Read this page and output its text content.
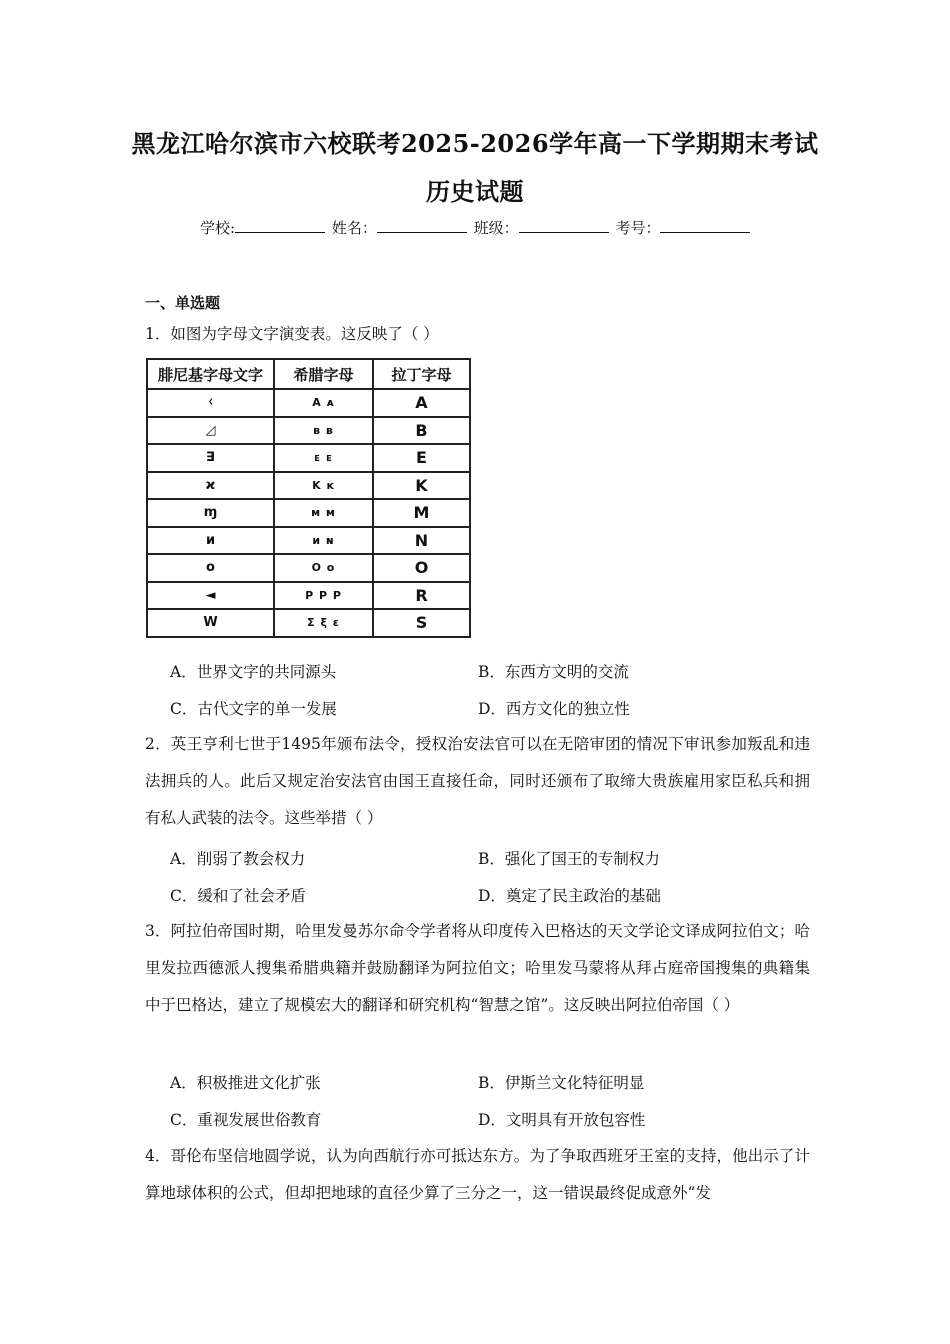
黑龙江哈尔滨市六校联考2025-2026学年高一下学期期末考试
历史试题
学校:	姓名：	班级：	考号：
一、单选题
1．如图为字母文字演变表。这反映了（ ）
腓尼基字母文字	希腊字母	拉丁字母
ᚲ	A ᴀ	A
◿	ʙ ʙ	B
∃	ᴇ ᴇ	E
ϰ	K ᴋ	K
ɱ	ᴍ ᴍ	M
ᴎ	ᴎ ɴ	N
o	O o	O
◄	P P P	R
W	Σ ξ ε	S
A．世界文字的共同源头	B．东西方文明的交流
C．古代文字的单一发展	D．西方文化的独立性
2．英王亨利七世于1495年颁布法令，授权治安法官可以在无陪审团的情况下审讯参加叛乱和违法拥兵的人。此后又规定治安法官由国王直接任命，同时还颁布了取缔大贵族雇用家臣私兵和拥有私人武装的法令。这些举措（ ）
A．削弱了教会权力	B．强化了国王的专制权力
C．缓和了社会矛盾	D．奠定了民主政治的基础
3．阿拉伯帝国时期，哈里发曼苏尔命令学者将从印度传入巴格达的天文学论文译成阿拉伯文；哈里发拉西德派人搜集希腊典籍并鼓励翻译为阿拉伯文；哈里发马蒙将从拜占庭帝国搜集的典籍集中于巴格达，建立了规模宏大的翻译和研究机构“智慧之馆”。这反映出阿拉伯帝国（ ）
A．积极推进文化扩张	B．伊斯兰文化特征明显
C．重视发展世俗教育	D．文明具有开放包容性
4．哥伦布坚信地圆学说，认为向西航行亦可抵达东方。为了争取西班牙王室的支持，他出示了计算地球体积的公式，但却把地球的直径少算了三分之一，这一错误最终促成意外“发
